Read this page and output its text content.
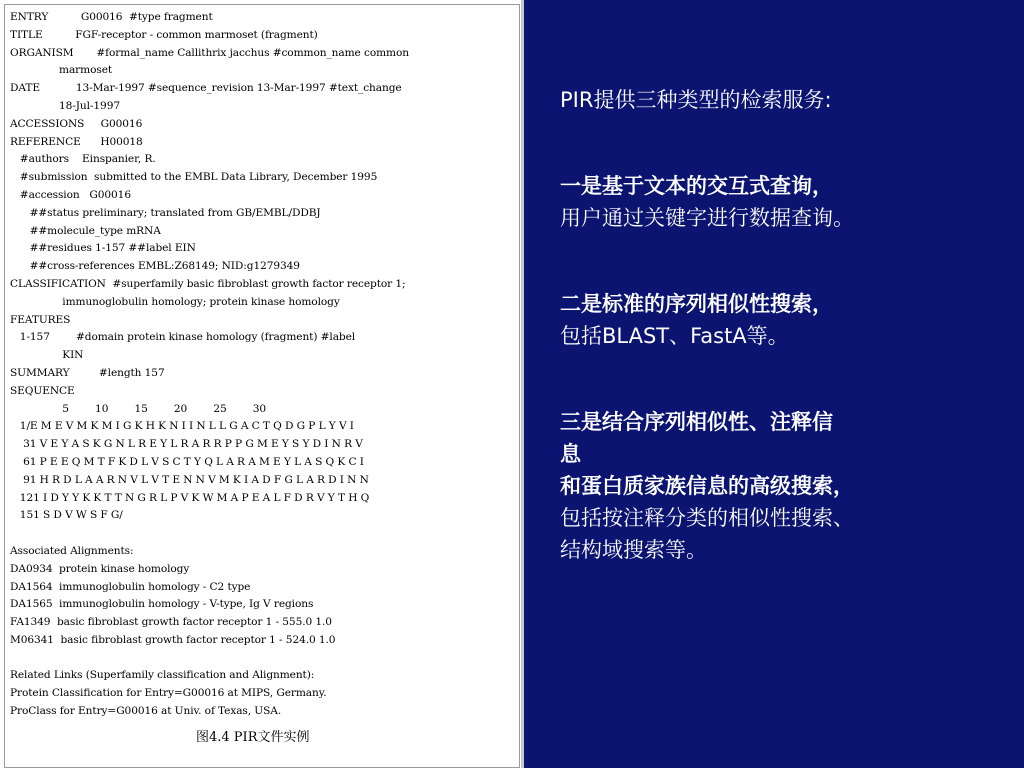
ENTRY          G00016  #type fragment
TITLE          FGF-receptor - common marmoset (fragment)
ORGANISM       #formal_name Callithrix jacchus #common_name common
marmoset
DATE           13-Mar-1997 #sequence_revision 13-Mar-1997 #text_change
18-Jul-1997
ACCESSIONS     G00016
REFERENCE      H00018
#authors    Einspanier, R.
#submission  submitted to the EMBL Data Library, December 1995
#accession   G00016
##status preliminary; translated from GB/EMBL/DDBJ
##molecule_type mRNA
##residues 1-157 ##label EIN
##cross-references EMBL:Z68149; NID:g1279349
CLASSIFICATION  #superfamily basic fibroblast growth factor receptor 1;
immunoglobulin homology; protein kinase homology
FEATURES
1-157        #domain protein kinase homology (fragment) #label
KIN
SUMMARY         #length 157
SEQUENCE
5        10        15        20        25        30
1/E M E V M K M I G K H K N I I N L L G A C T Q D G P L Y V I
31 V E Y A S K G N L R E Y L R A R R P P G M E Y S Y D I N R V
61 P E E Q M T F K D L V S C T Y Q L A R A M E Y L A S Q K C I
91 H R D L A A R N V L V T E N N V M K I A D F G L A R D I N N
121 I D Y Y K K T T N G R L P V K W M A P E A L F D R V Y T H Q
151 S D V W S F G/

Associated Alignments:
DA0934  protein kinase homology
DA1564  immunoglobulin homology - C2 type
DA1565  immunoglobulin homology - V-type, Ig V regions
FA1349  basic fibroblast growth factor receptor 1 - 555.0 1.0
M06341  basic fibroblast growth factor receptor 1 - 524.0 1.0

Related Links (Superfamily classification and Alignment):
Protein Classification for Entry=G00016 at MIPS, Germany.
ProClass for Entry=G00016 at Univ. of Texas, USA.
图4.4 PIR文件实例
PIR提供三种类型的检索服务:
一是基于文本的交互式查询，
用户通过关键字进行数据查询。
二是标准的序列相似性搜索，
包括BLAST、FastA等。
三是结合序列相似性、注释信
息
和蛋白质家族信息的高级搜索，
包括按注释分类的相似性搜索、
结构域搜索等。
